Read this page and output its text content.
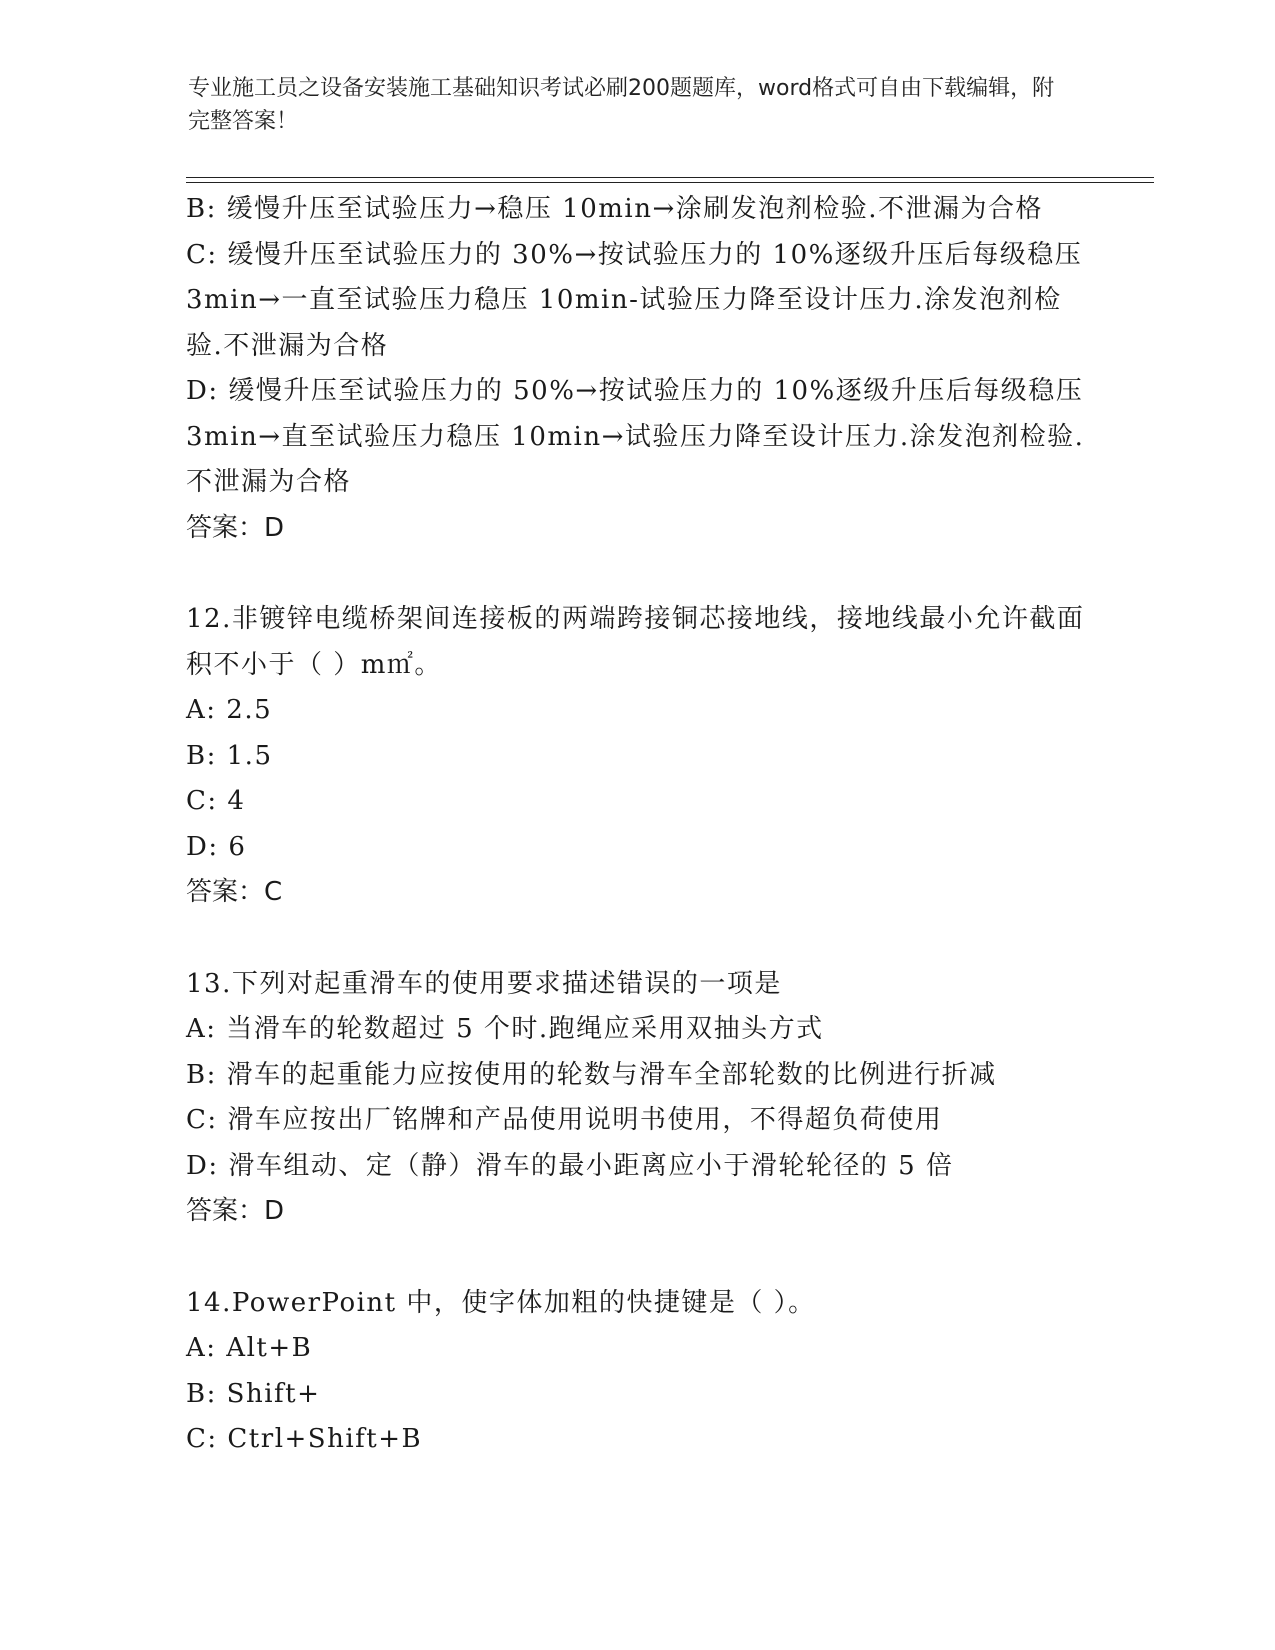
专业施工员之设备安装施工基础知识考试必刷200题题库，word格式可自由下载编辑，附完整答案！

B: 缓慢升压至试验压力→稳压 10min→涂刷发泡剂检验.不泄漏为合格

C: 缓慢升压至试验压力的 30%→按试验压力的 10%逐级升压后每级稳压 3min→一直至试验压力稳压 10min-试验压力降至设计压力.涂发泡剂检验.不泄漏为合格

D: 缓慢升压至试验压力的 50%→按试验压力的 10%逐级升压后每级稳压 3min→直至试验压力稳压 10min→试验压力降至设计压力.涂发泡剂检验.不泄漏为合格

答案：D

12.非镀锌电缆桥架间连接板的两端跨接铜芯接地线，接地线最小允许截面积不小于（ ）m㎡。

A: 2.5

B: 1.5

C: 4

D: 6

答案：C

13.下列对起重滑车的使用要求描述错误的一项是

A: 当滑车的轮数超过 5 个时.跑绳应采用双抽头方式

B: 滑车的起重能力应按使用的轮数与滑车全部轮数的比例进行折减

C: 滑车应按出厂铭牌和产品使用说明书使用，不得超负荷使用

D: 滑车组动、定（静）滑车的最小距离应小于滑轮轮径的 5 倍

答案：D

14.PowerPoint 中，使字体加粗的快捷键是（ ）。

A: Alt+B

B: Shift+

C: Ctrl+Shift+B
